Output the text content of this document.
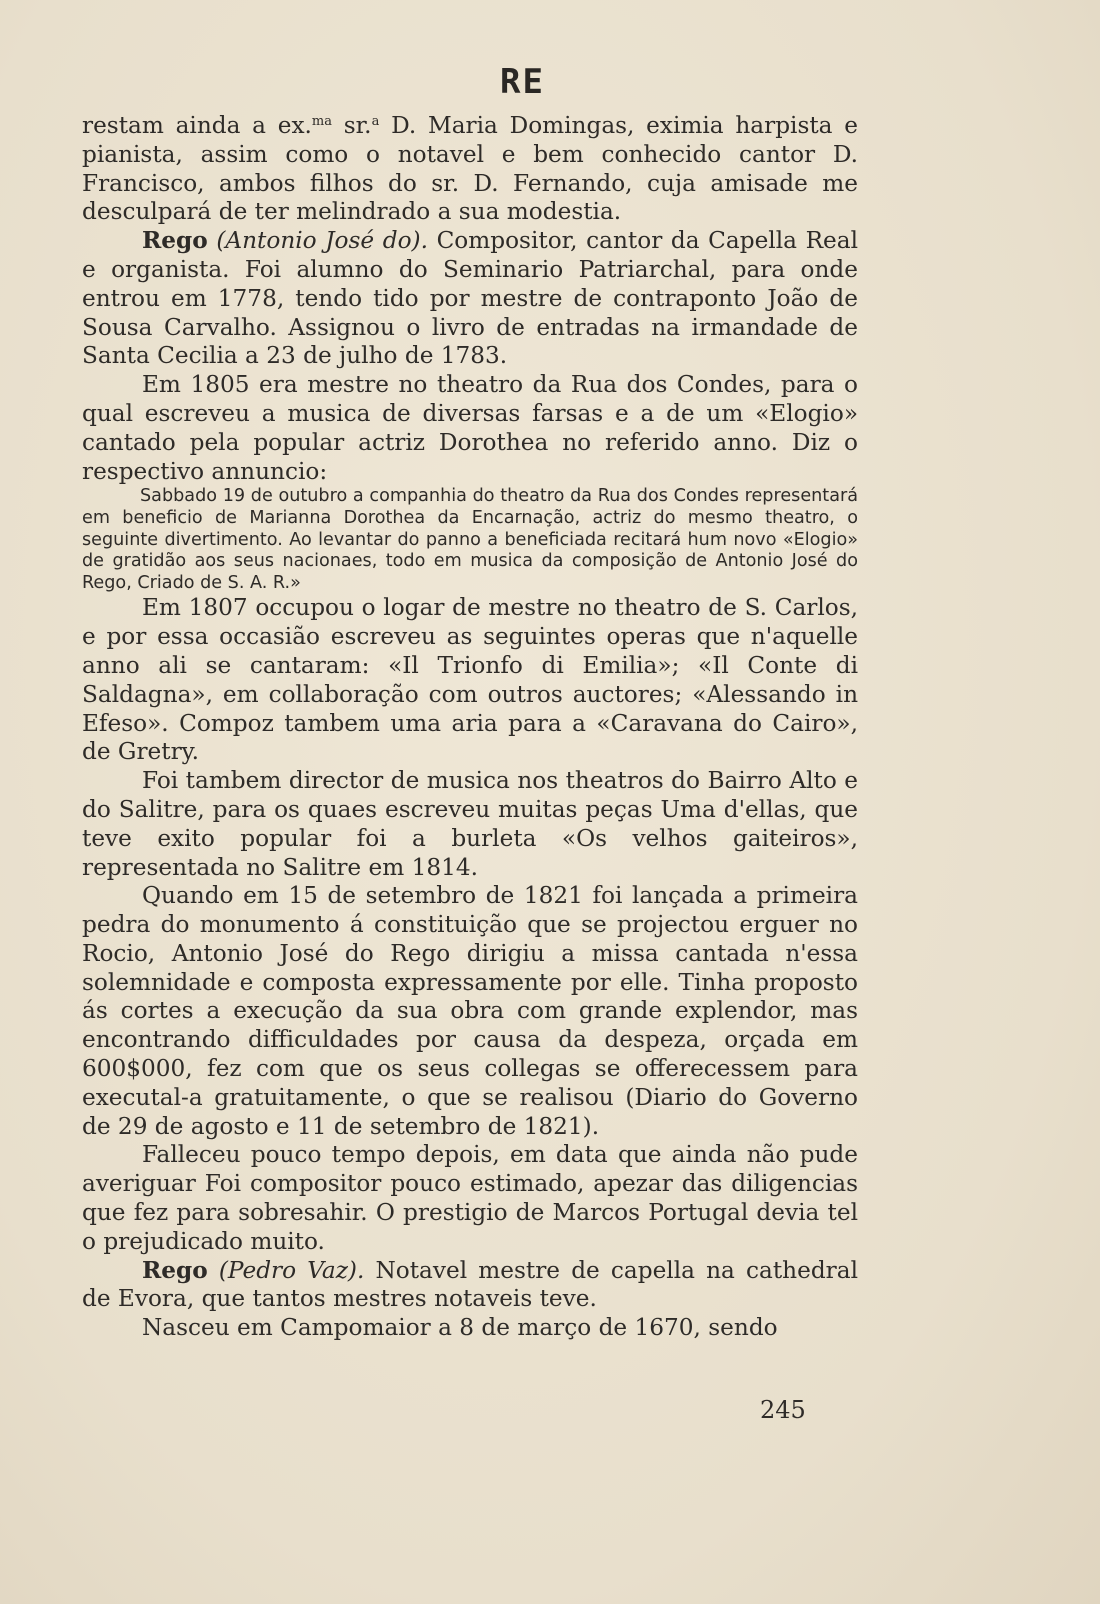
RE

restam ainda a ex.$^{ma}$ sr.$^a$ D. Maria Domingas, eximia harpista e pianista, assim como o notavel e bem conhecido cantor D. Francisco, ambos filhos do sr. D. Fernando, cuja amisade me desculpará de ter melindrado a sua modestia.

Rego (Antonio José do). Compositor, cantor da Capella Real e organista. Foi alumno do Seminario Patriarchal, para onde entrou em 1778, tendo tido por mestre de contraponto João de Sousa Carvalho. Assignou o livro de entradas na irmandade de Santa Cecilia a 23 de julho de 1783.

Em 1805 era mestre no theatro da Rua dos Condes, para o qual escreveu a musica de diversas farsas e a de um «Elogio» cantado pela popular actriz Dorothea no referido anno. Diz o respectivo annuncio:

Sabbado 19 de outubro a companhia do theatro da Rua dos Condes representará em beneficio de Marianna Dorothea da Encarnação, actriz do mesmo theatro, o seguinte divertimento. Ao levantar do panno a beneficiada recitará hum novo «Elogio» de gratidão aos seus nacionaes, todo em musica da composição de Antonio José do Rego, Criado de S. A. R.»

Em 1807 occupou o logar de mestre no theatro de S. Carlos, e por essa occasião escreveu as seguintes operas que n'aquelle anno ali se cantaram: «Il Trionfo di Emilia»; «Il Conte di Saldagna», em collaboração com outros auctores; «Alessando in Efeso». Compoz tambem uma aria para a «Caravana do Cairo», de Gretry.

Foi tambem director de musica nos theatros do Bairro Alto e do Salitre, para os quaes escreveu muitas peças Uma d'ellas, que teve exito popular foi a burleta «Os velhos gaiteiros», representada no Salitre em 1814.

Quando em 15 de setembro de 1821 foi lançada a primeira pedra do monumento á constituição que se projectou erguer no Rocio, Antonio José do Rego dirigiu a missa cantada n'essa solemnidade e composta expressamente por elle. Tinha proposto ás cortes a execução da sua obra com grande explendor, mas encontrando difficuldades por causa da despeza, orçada em 600$000, fez com que os seus collegas se offerecessem para executal-a gratuitamente, o que se realisou (Diario do Governo de 29 de agosto e 11 de setembro de 1821).

Falleceu pouco tempo depois, em data que ainda não pude averiguar Foi compositor pouco estimado, apezar das diligencias que fez para sobresahir. O prestigio de Marcos Portugal devia tel o prejudicado muito.

Rego (Pedro Vaz). Notavel mestre de capella na cathedral de Evora, que tantos mestres notaveis teve.

Nasceu em Campomaior a 8 de março de 1670, sendo

245
